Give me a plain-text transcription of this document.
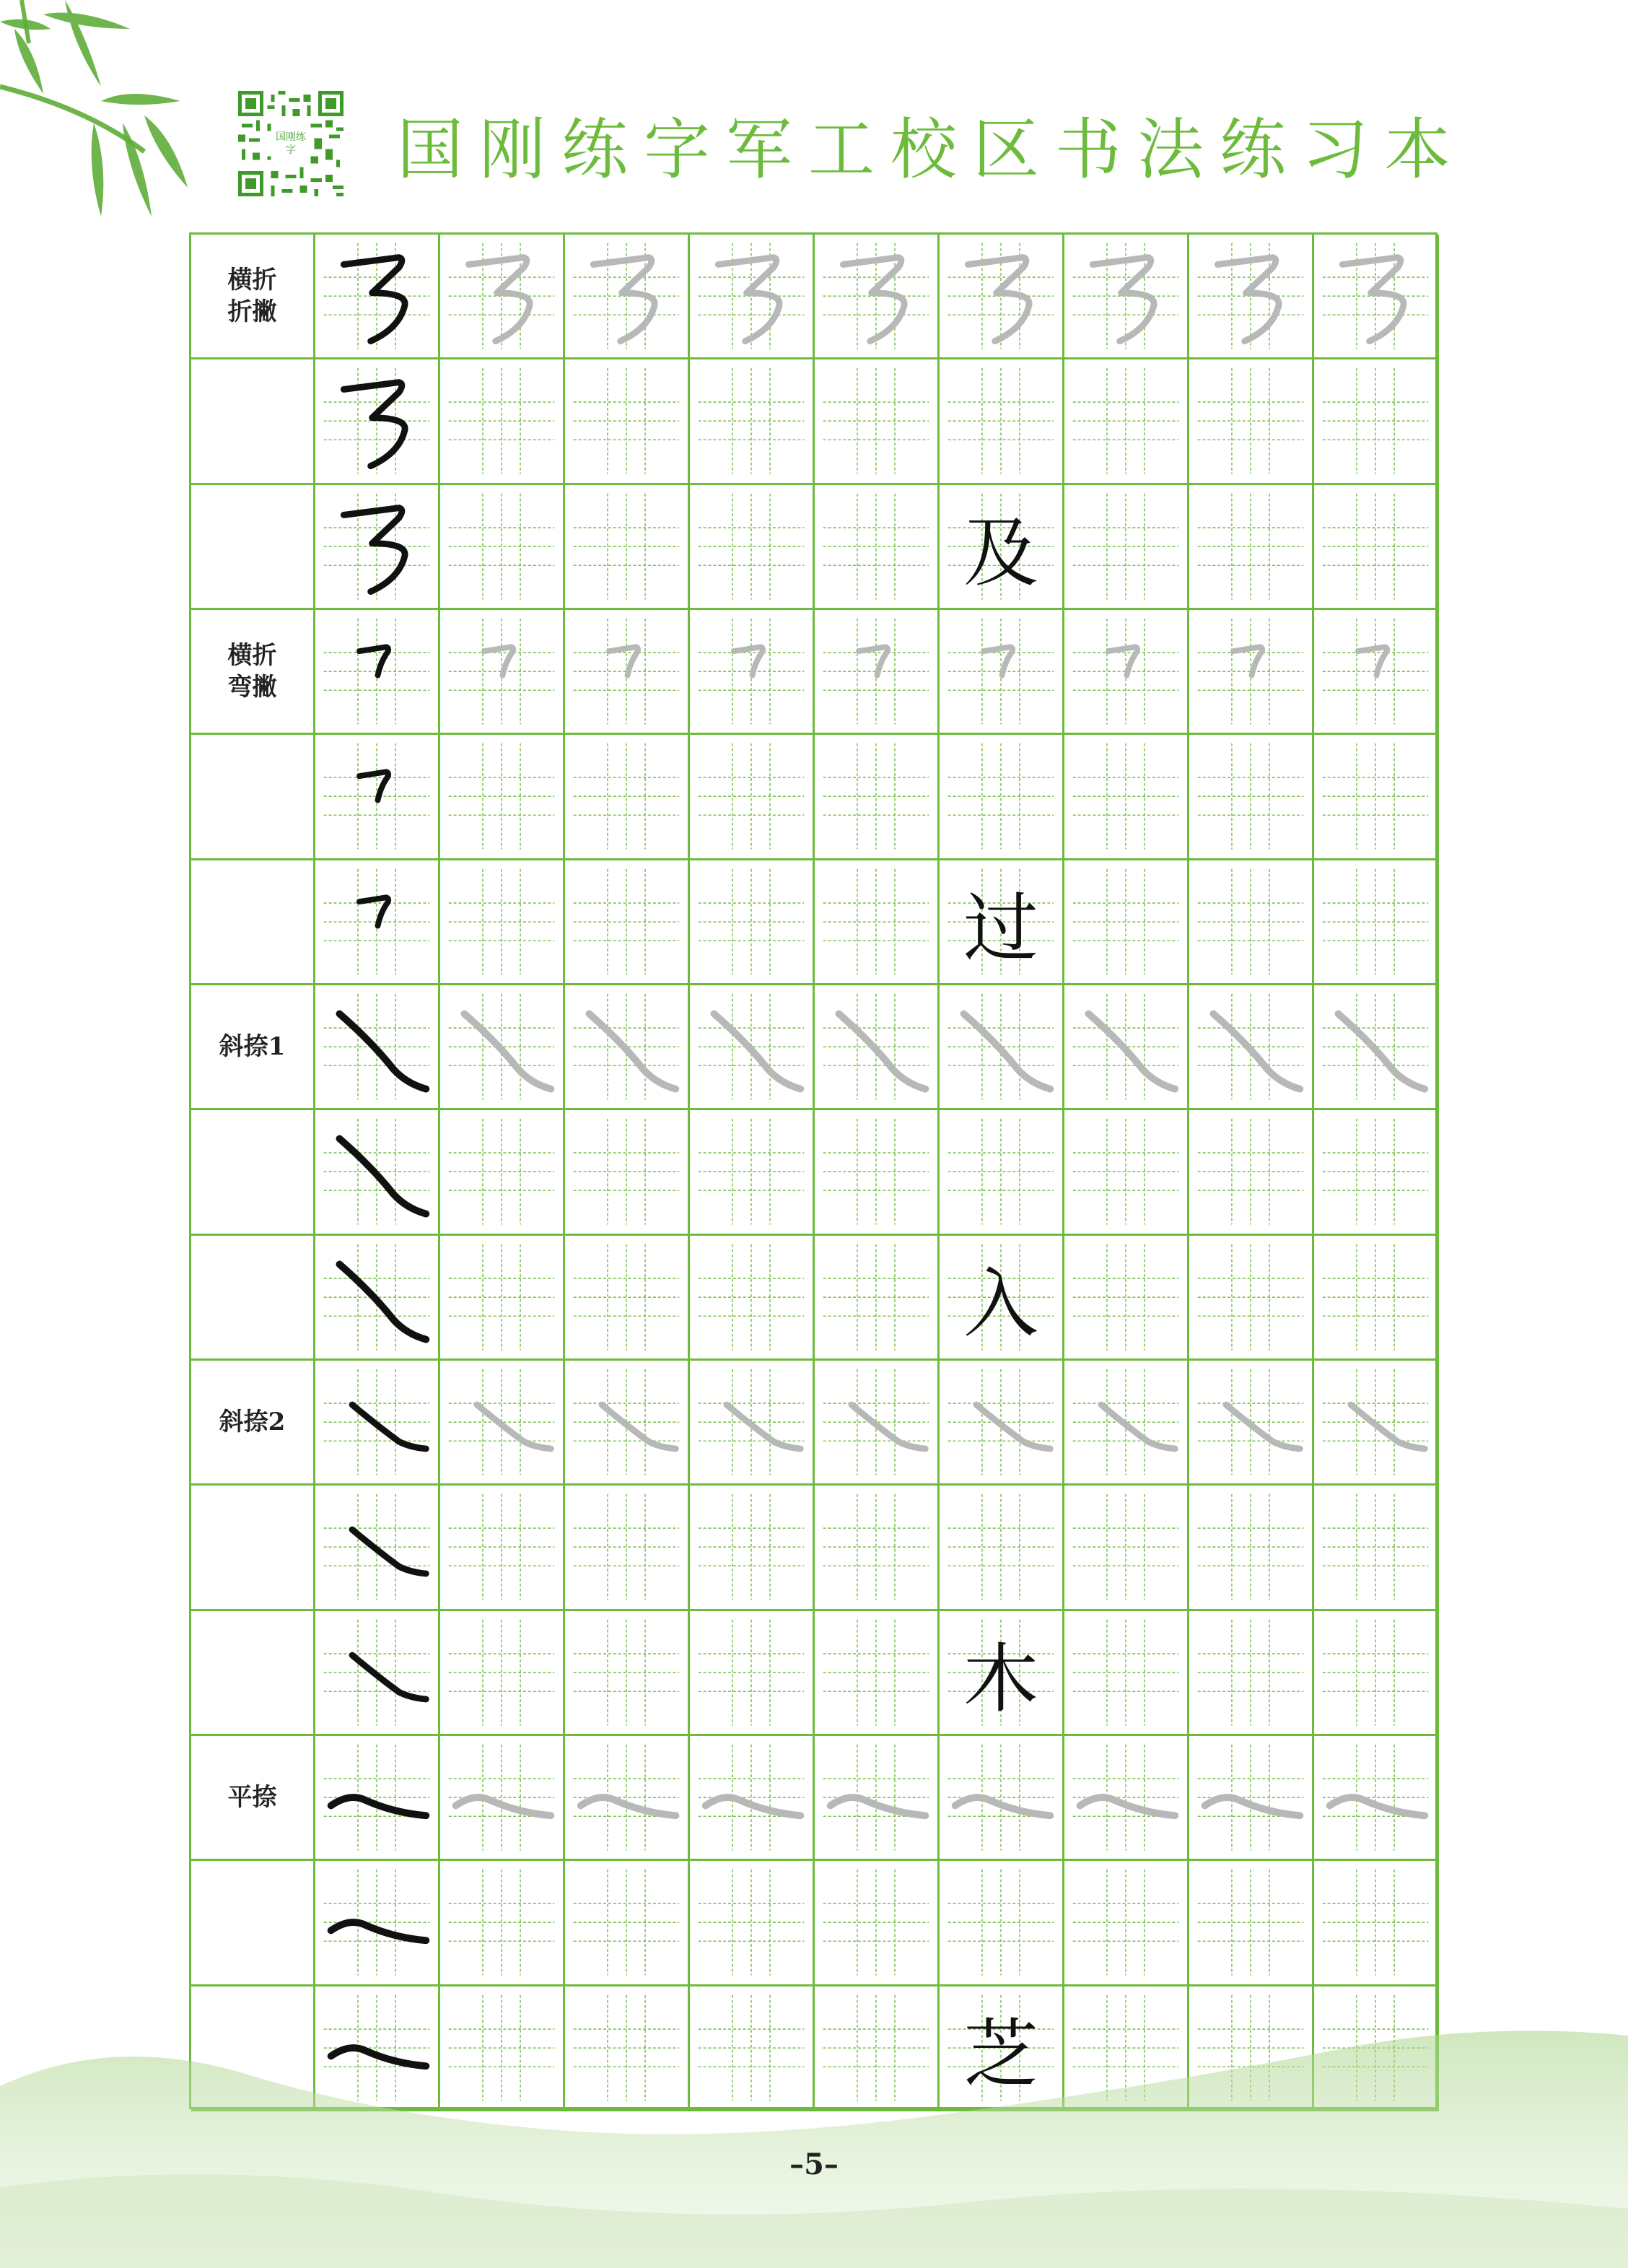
国刚练字 国刚练字军工校区书法练习本
横折
折撇
及
横折
弯撇
过
斜捺1
入
斜捺2
木
平捺
芝
–5–
